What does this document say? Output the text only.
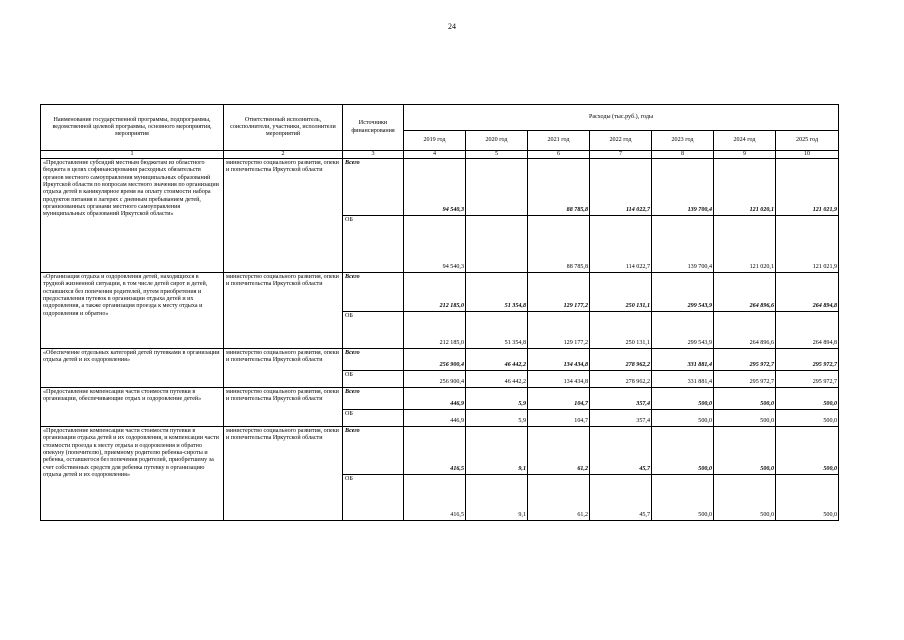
24
Наименование государственной программы, подпрограммы, ведомственной целевой программы, основного мероприятия, мероприятия	Ответственный исполнитель, соисполнители, участники, исполнители мероприятий	Источники финансирования	Расходы (тыс.руб.), годы						
			2019 год	2020 год	2021 год	2022 год	2023 год	2024 год	2025 год
1	2	3	4	5	6	7	8	9	10
«Предоставление субсидий местным бюджетам из областного бюджета в целях софинансирования расходных обязательств органов местного самоуправления муниципальных образований Иркутской области по вопросам местного значения по организации отдыха детей в каникулярное время на оплату стоимости набора продуктов питания в лагерях с дневным пребыванием детей, организованных органами местного самоуправления муниципальных образований Иркутской области»	министерство социального развития, опеки и попечительства Иркутской области	Всего	94 540,3		88 785,8	114 022,7	139 700,4	121 020,1	121 021,9
		ОБ	94 540,3		88 785,8	114 022,7	139 700,4	121 020,1	121 021,9
«Организация отдыха и оздоровления детей, находящихся в трудной жизненной ситуации, в том числе детей сирот и детей, оставшихся без попечения родителей, путем приобретения и предоставления путевок в организации отдыха детей и их оздоровления, а также организация проезда к месту отдыха и оздоровления и обратно»	министерство социального развития, опеки и попечительства Иркутской области	Всего	212 185,0	51 354,8	129 177,2	250 131,1	299 543,9	264 896,6	264 894,8
		ОБ	212 185,0	51 354,8	129 177,2	250 131,1	299 543,9	264 896,6	264 894,8
«Обеспечение отдельных категорий детей путевками в организации отдыха детей и их оздоровления»	министерство социального развития, опеки и попечительства Иркутской области	Всего	256 900,4	46 442,2	134 434,8	278 962,2	331 881,4	295 972,7	295 972,7
		ОБ	256 900,4	46 442,2	134 434,8	278 962,2	331 881,4	295 972,7	295 972,7
«Предоставление компенсации части стоимости путевки в организации, обеспечивающие отдых и оздоровление детей»	министерство социального развития, опеки и попечительства Иркутской области	Всего	446,9	5,9	104,7	357,4	500,0	500,0	500,0
		ОБ	446,9	5,9	104,7	357,4	500,0	500,0	500,0
«Предоставление компенсации части стоимости путевки в организации отдыха детей и их оздоровления, и компенсации части стоимости проезда к месту отдыха и оздоровления и обратно опекуну (попечителю), приемному родителю ребенка-сироты и ребенка, оставшегося без попечения родителей, приобретшему за счет собственных средств для ребенка путевку в организацию отдыха детей и их оздоровления»	министерство социального развития, опеки и попечительства Иркутской области	Всего	416,5	9,1	61,2	45,7	500,0	500,0	500,0
		ОБ	416,5	9,1	61,2	45,7	500,0	500,0	500,0
